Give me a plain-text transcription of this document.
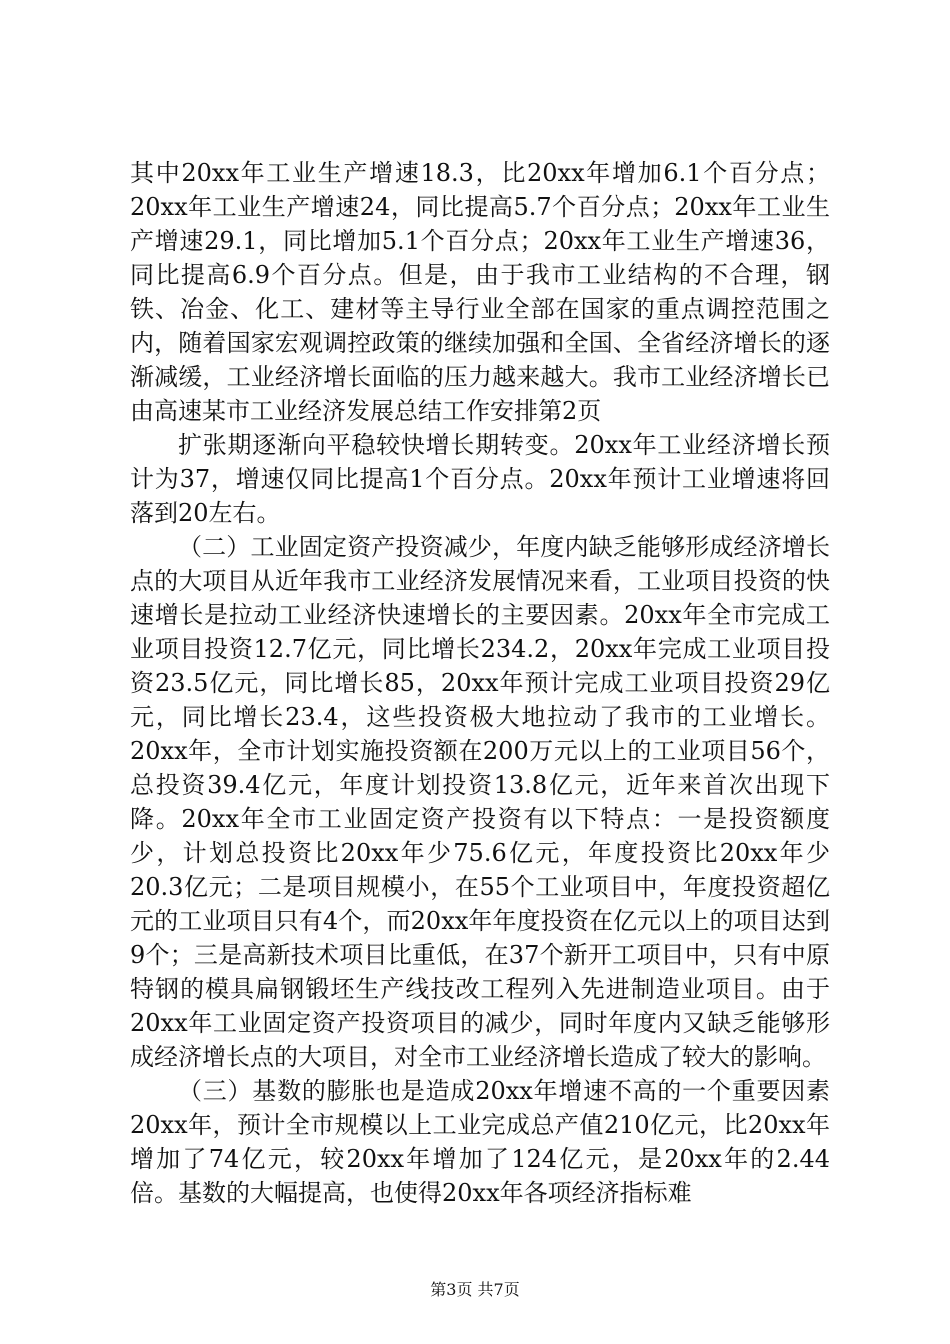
其中20xx年工业生产增速18.3，比20xx年增加6.1个百分点；20xx年工业生产增速24，同比提高5.7个百分点；20xx年工业生产增速29.1，同比增加5.1个百分点；20xx年工业生产增速36，同比提高6.9个百分点。但是，由于我市工业结构的不合理，钢铁、冶金、化工、建材等主导行业全部在国家的重点调控范围之内，随着国家宏观调控政策的继续加强和全国、全省经济增长的逐渐减缓，工业经济增长面临的压力越来越大。我市工业经济增长已由高速某市工业经济发展总结工作安排第2页

扩张期逐渐向平稳较快增长期转变。20xx年工业经济增长预计为37，增速仅同比提高1个百分点。20xx年预计工业增速将回落到20左右。

（二）工业固定资产投资减少，年度内缺乏能够形成经济增长点的大项目从近年我市工业经济发展情况来看，工业项目投资的快速增长是拉动工业经济快速增长的主要因素。20xx年全市完成工业项目投资12.7亿元，同比增长234.2，20xx年完成工业项目投资23.5亿元，同比增长85，20xx年预计完成工业项目投资29亿元，同比增长23.4，这些投资极大地拉动了我市的工业增长。20xx年，全市计划实施投资额在200万元以上的工业项目56个，总投资39.4亿元，年度计划投资13.8亿元，近年来首次出现下降。20xx年全市工业固定资产投资有以下特点：一是投资额度少，计划总投资比20xx年少75.6亿元，年度投资比20xx年少20.3亿元；二是项目规模小，在55个工业项目中，年度投资超亿元的工业项目只有4个，而20xx年年度投资在亿元以上的项目达到9个；三是高新技术项目比重低，在37个新开工项目中，只有中原特钢的模具扁钢锻坯生产线技改工程列入先进制造业项目。由于20xx年工业固定资产投资项目的减少，同时年度内又缺乏能够形成经济增长点的大项目，对全市工业经济增长造成了较大的影响。

（三）基数的膨胀也是造成20xx年增速不高的一个重要因素20xx年，预计全市规模以上工业完成总产值210亿元，比20xx年增加了74亿元，较20xx年增加了124亿元，是20xx年的2.44倍。基数的大幅提高，也使得20xx年各项经济指标难

第3页 共7页
